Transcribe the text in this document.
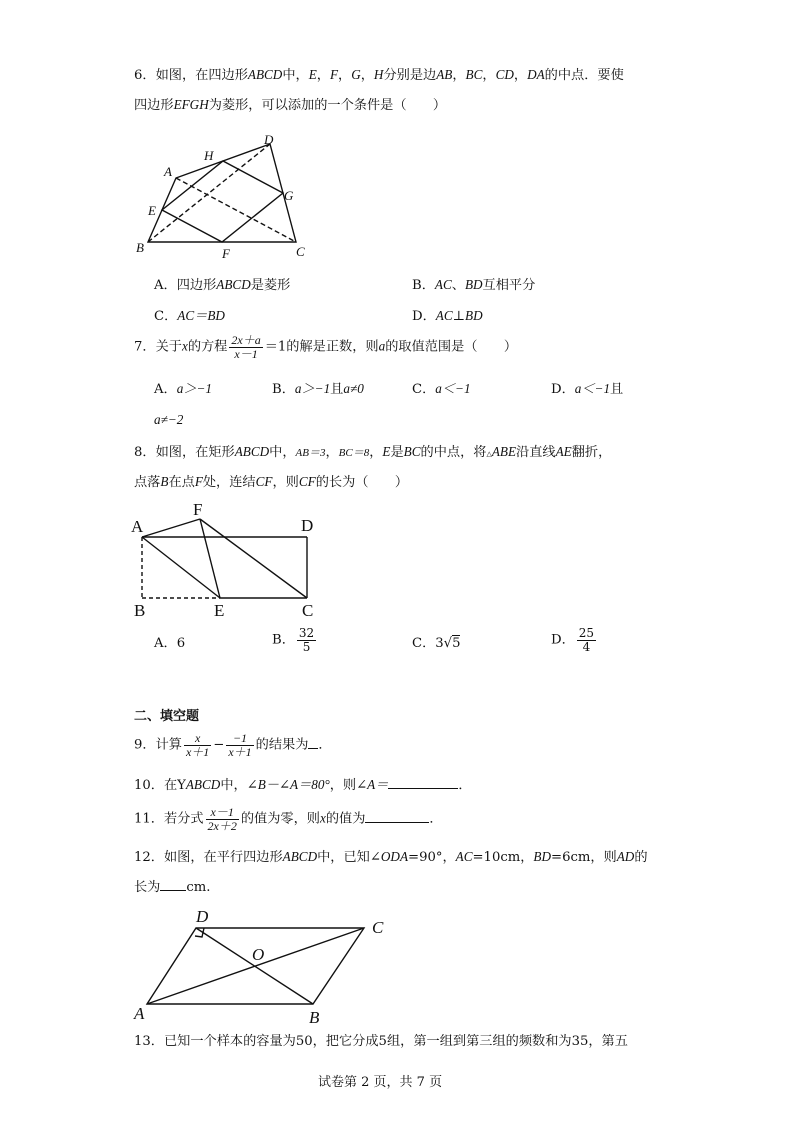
6．如图，在四边形ABCD中，E，F，G，H分别是边AB，BC，CD，DA的中点．要使
四边形EFGH为菱形，可以添加的一个条件是（　　）
A
B	C
D
E
F
G
H
A．四边形ABCD是菱形	B．AC、BD互相平分
C．AC＝BD	D．AC⊥BD
7．关于x的方程 $\frac{2x+a}{x-1} =1$的解是正数，则a的取值范围是（　　）
A．a＞−1	B．a＞−1且a≠0	C．a＜−1	D．a＜−1且
a≠−2
8．如图，在矩形ABCD中，AB＝3，BC＝8，E是BC的中点，将△ABE沿直线AE翻折，
点落B在点F处，连结CF，则CF的长为（　　）
A
B	C
D
E
F
A．6	B． $\frac{32}{5}$	C．3√5	D． $\frac{25}{4}$
二、填空题
9．计算 $\frac{x}{x+1} - \frac{-1}{x+1}$ 的结果为 ．
10．在YABCD中，∠B－∠A＝80°，则∠A＝	．
11．若分式 $\frac{x-1}{2x+2}$ 的值为零，则x的值为	．
12．如图，在平行四边形ABCD中，已知∠ODA=90°，AC=10cm，BD=6cm，则AD的
长为 cm.
A	B
C
D
O
13．已知一个样本的容量为50，把它分成5组，第一组到第三组的频数和为35，第五
试卷第 2 页，共 7 页
